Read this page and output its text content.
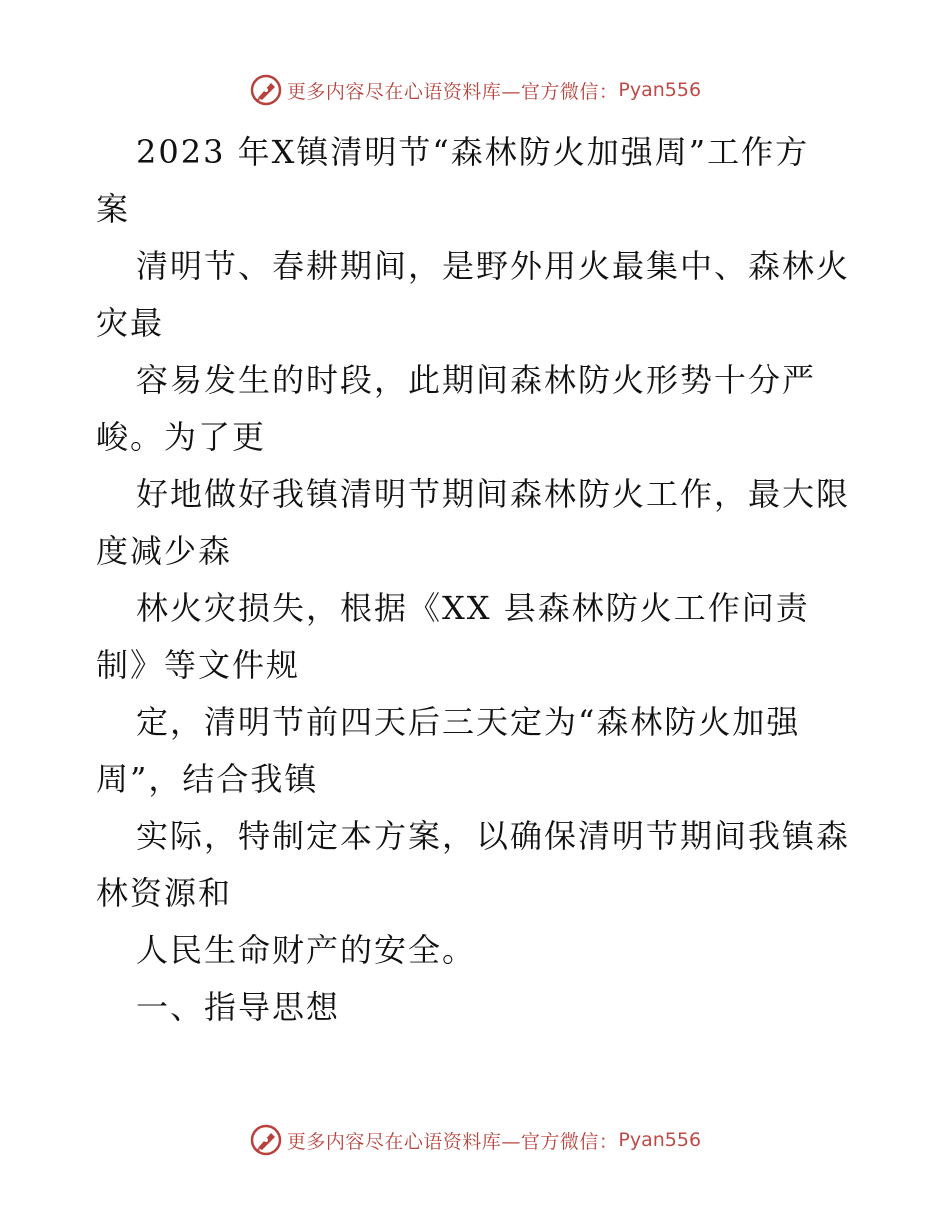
更多内容尽在心语资料库—官方微信： Pyan556
2023 年X镇清明节“森林防火加强周”工作方
案
清明节、春耕期间，是野外用火最集中、森林火
灾最
容易发生的时段，此期间森林防火形势十分严
峻。为了更
好地做好我镇清明节期间森林防火工作，最大限
度减少森
林火灾损失，根据《XX 县森林防火工作问责
制》等文件规
定，清明节前四天后三天定为“森林防火加强
周”，结合我镇
实际，特制定本方案，以确保清明节期间我镇森
林资源和
人民生命财产的安全。
一、指导思想
更多内容尽在心语资料库—官方微信： Pyan556
